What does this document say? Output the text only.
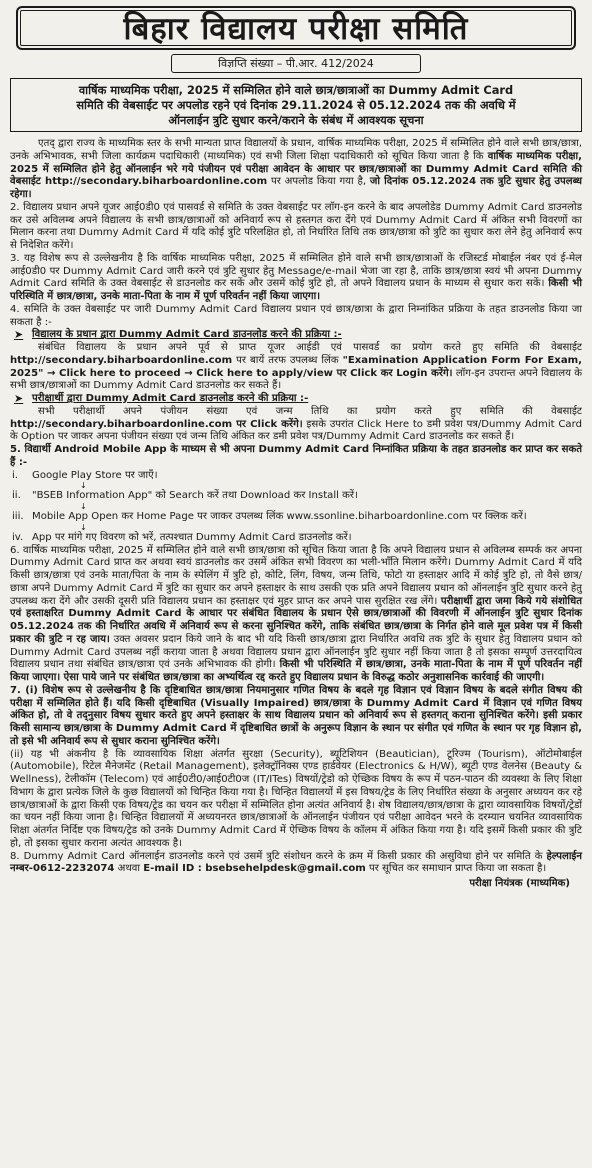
बिहार विद्यालय परीक्षा समिति
विज्ञप्ति संख्या – पी.आर. 412/2024
वार्षिक माध्यमिक परीक्षा, 2025 में सम्मिलित होने वाले छात्र/छात्राओं का Dummy Admit Card
समिति की वेबसाईट पर अपलोड रहने एवं दिनांक 29.11.2024 से 05.12.2024 तक की अवधि में
ऑनलाईन त्रुटि सुधार करने/कराने के संबंध में आवश्यक सूचना

एतद् द्वारा राज्य के माध्यमिक स्तर के सभी मान्यता प्राप्त विद्यालयों के प्रधान, वार्षिक माध्यमिक परीक्षा, 2025 में सम्मिलित होने वाले सभी छात्र/छात्रा, उनके अभिभावक, सभी जिला कार्यक्रम पदाधिकारी (माध्यमिक) एवं सभी जिला शिक्षा पदाधिकारी को सूचित किया जाता है कि वार्षिक माध्यमिक परीक्षा, 2025 में सम्मिलित होने हेतु ऑनलाईन भरे गये पंजीयन एवं परीक्षा आवेदन के आधार पर छात्र/छात्राओं का Dummy Admit Card समिति की वेबसाईट http://secondary.biharboardonline.com पर अपलोड किया गया है, जो दिनांक 05.12.2024 तक त्रुटि सुधार हेतु उपलब्ध रहेगा।

2. विद्यालय प्रधान अपने यूजर आई0डी0 एवं पासवर्ड से समिति के उक्त वेबसाईट पर लॉग-इन करने के बाद अपलोडेड Dummy Admit Card डाउनलोड कर उसे अविलम्ब अपने विद्यालय के सभी छात्र/छात्राओं को अनिवार्य रूप से हस्तगत करा देंगे एवं Dummy Admit Card में अंकित सभी विवरणों का मिलान करना तथा Dummy Admit Card में यदि कोई त्रुटि परिलक्षित हो, तो निर्धारित तिथि तक छात्र/छात्रा को त्रुटि का सुधार करा लेने हेतु अनिवार्य रूप से निदेशित करेंगे।

3. यह विशेष रूप से उल्लेखनीय है कि वार्षिक माध्यमिक परीक्षा, 2025 में सम्मिलित होने वाले सभी छात्र/छात्राओं के रजिस्टर्ड मोबाईल नंबर एवं ई-मेल आई0डी0 पर Dummy Admit Card जारी करने एवं त्रुटि सुधार हेतु Message/e-mail भेजा जा रहा है, ताकि छात्र/छात्रा स्वयं भी अपना Dummy Admit Card समिति के उक्त वेबसाईट से डाउनलोड कर सकें और उसमें कोई त्रुटि हो, तो अपने विद्यालय प्रधान के माध्यम से सुधार करा सकें। किसी भी परिस्थिति में छात्र/छात्रा, उनके माता-पिता के नाम में पूर्ण परिवर्तन नहीं किया जाएगा।

4. समिति के उक्त वेबसाईट पर जारी Dummy Admit Card विद्यालय प्रधान एवं छात्र/छात्रा के द्वारा निम्नांकित प्रक्रिया के तहत डाउनलोड किया जा सकता है :-

➤ विद्यालय के प्रधान द्वारा Dummy Admit Card डाउनलोड करने की प्रक्रिया :-

संबंधित विद्यालय के प्रधान अपने पूर्व से प्राप्त यूजर आईडी एवं पासवर्ड का प्रयोग करते हुए समिति की वेबसाईट http://secondary.biharboardonline.com पर बायें तरफ उपलब्ध लिंक "Examination Application Form For Exam, 2025" → Click here to proceed → Click here to apply/view पर Click कर Login करेंगे। लॉग-इन उपरान्त अपने विद्यालय के सभी छात्र/छात्राओं का Dummy Admit Card डाउनलोड कर सकते हैं।

➤ परीक्षार्थी द्वारा Dummy Admit Card डाउनलोड करने की प्रक्रिया :-

सभी परीक्षार्थी अपने पंजीयन संख्या एवं जन्म तिथि का प्रयोग करते हुए समिति की वेबसाईट http://secondary.biharboardonline.com पर Click करेंगे। इसके उपरांत Click Here to डमी प्रवेश पत्र/Dummy Admit Card के Option पर जाकर अपना पंजीयन संख्या एवं जन्म तिथि अंकित कर डमी प्रवेश पत्र/Dummy Admit Card डाउनलोड कर सकते हैं।

5. विद्यार्थी Android Mobile App के माध्यम से भी अपना Dummy Admit Card निम्नांकित प्रक्रिया के तहत डाउनलोड कर प्राप्त कर सकते हैं :-

i.	Google Play Store पर जाएँ।
↓
ii.	"BSEB Information App" को Search करें तथा Download कर Install करें।
↓
iii. Mobile App Open कर Home Page पर जाकर उपलब्ध लिंक www.ssonline.biharboardonline.com पर क्लिक करें।
↓
iv. App पर मांगे गए विवरण को भरें, तत्पश्चात Dummy Admit Card डाउनलोड करें।

6. वार्षिक माध्यमिक परीक्षा, 2025 में सम्मिलित होने वाले सभी छात्र/छात्रा को सूचित किया जाता है कि अपने विद्यालय प्रधान से अविलम्ब सम्पर्क कर अपना Dummy Admit Card प्राप्त कर अथवा स्वयं डाउनलोड कर उसमें अंकित सभी विवरण का भली-भाँति मिलान करेंगे। Dummy Admit Card में यदि किसी छात्र/छात्रा एवं उनके माता/पिता के नाम के स्पेलिंग में त्रुटि हो, कोटि, लिंग, विषय, जन्म तिथि, फोटो या हस्ताक्षर आदि में कोई त्रुटि हो, तो वैसे छात्र/छात्रा अपने Dummy Admit Card में त्रुटि का सुधार कर अपने हस्ताक्षर के साथ उसकी एक प्रति अपने विद्यालय प्रधान को ऑनलाईन त्रुटि सुधार करने हेतु उपलब्ध करा देंगे और उसकी दूसरी प्रति विद्यालय प्रधान का हस्ताक्षर एवं मुहर प्राप्त कर अपने पास सुरक्षित रख लेंगे। परीक्षार्थी द्वारा जमा किये गये संशोधित एवं हस्ताक्षरित Dummy Admit Card के आधार पर संबंधित विद्यालय के प्रधान ऐसे छात्र/छात्राओं की विवरणी में ऑनलाईन त्रुटि सुधार दिनांक 05.12.2024 तक की निर्धारित अवधि में अनिवार्य रूप से करना सुनिश्चित करेंगे, ताकि संबंधित छात्र/छात्रा के निर्गत होने वाले मूल प्रवेश पत्र में किसी प्रकार की त्रुटि न रह जाय। उक्त अवसर प्रदान किये जाने के बाद भी यदि किसी छात्र/छात्रा द्वारा निर्धारित अवधि तक त्रुटि के सुधार हेतु विद्यालय प्रधान को Dummy Admit Card उपलब्ध नहीं कराया जाता है अथवा विद्यालय प्रधान द्वारा ऑनलाईन त्रुटि सुधार नहीं किया जाता है तो इसका सम्पूर्ण उत्तरदायित्व विद्यालय प्रधान तथा संबंधित छात्र/छात्रा एवं उनके अभिभावक की होगी। किसी भी परिस्थिति में छात्र/छात्रा, उनके माता-पिता के नाम में पूर्ण परिवर्तन नहीं किया जाएगा। ऐसा पाये जाने पर संबंधित छात्र/छात्रा का अभ्यर्थित्व रद्द करते हुए विद्यालय प्रधान के विरुद्ध कठोर अनुशासनिक कार्रवाई की जाएगी।

7. (i) विशेष रूप से उल्लेखनीय है कि दृष्टिबाधित छात्र/छात्रा नियमानुसार गणित विषय के बदले गृह विज्ञान एवं विज्ञान विषय के बदले संगीत विषय की परीक्षा में सम्मिलित होते हैं। यदि किसी दृष्टिबाधित (Visually Impaired) छात्र/छात्रा के Dummy Admit Card में विज्ञान एवं गणित विषय अंकित हो, तो वे तद्नुसार विषय सुधार करते हुए अपने हस्ताक्षर के साथ विद्यालय प्रधान को अनिवार्य रूप से हस्तगत् कराना सुनिश्चित करेंगे। इसी प्रकार किसी सामान्य छात्र/छात्रा के Dummy Admit Card में दृष्टिबाधित छात्रों के अनुरूप विज्ञान के स्थान पर संगीत एवं गणित के स्थान पर गृह विज्ञान हो, तो इसे भी अनिवार्य रूप से सुधार कराना सुनिश्चित करेंगे।

(ii) यह भी अंकनीय है कि व्यावसायिक शिक्षा अंतर्गत सुरक्षा (Security), ब्यूटिशियन (Beautician), टूरिज्म (Tourism), ऑटोमोबाईल (Automobile), रिटेल मैनेजमेंट (Retail Management), इलेक्ट्रॉनिक्स एण्ड हार्डवेयर (Electronics & H/W), ब्यूटी एण्ड वेलनेस (Beauty & Wellness), टेलीकॉम (Telecom) एवं आई0टी0/आई0टी0ज (IT/ITes) विषयों/ट्रेडो को ऐच्छिक विषय के रूप में पठन-पाठन की व्यवस्था के लिए शिक्षा विभाग के द्वारा प्रत्येक जिले के कुछ विद्यालयों को चिन्हित किया गया है। चिन्हित विद्यालयों में इस विषय/ट्रेड के लिए निर्धारित संख्या के अनुसार अध्ययन कर रहे छात्र/छात्राओं के द्वारा किसी एक विषय/ट्रेड का चयन कर परीक्षा में सम्मिलित होना अत्यंत अनिवार्य है। शेष विद्यालय/छात्र/छात्रा के द्वारा व्यावसायिक विषयों/ट्रेडों का चयन नहीं किया जाना है। चिन्हित विद्यालयों में अध्ययनरत छात्र/छात्राओं के ऑनलाईन पंजीयन एवं परीक्षा आवेदन भरने के दरम्यान चयनित व्यावसायिक शिक्षा अंतर्गत निर्दिष्ट एक विषय/ट्रेड को उनके Dummy Admit Card में ऐच्छिक विषय के कॉलम में अंकित किया गया है। यदि इसमें किसी प्रकार की त्रुटि हो, तो इसका सुधार कराना अत्यंत आवश्यक है।

8. Dummy Admit Card ऑनलाईन डाउनलोड करने एवं उसमें त्रुटि संशोधन करने के क्रम में किसी प्रकार की असुविधा होने पर समिति के हेल्पलाईन नम्बर-0612-2232074 अथवा E-mail ID : bsebsehelpdesk@gmail.com पर सूचित कर समाधान प्राप्त किया जा सकता है।

परीक्षा नियंत्रक (माध्यमिक)
